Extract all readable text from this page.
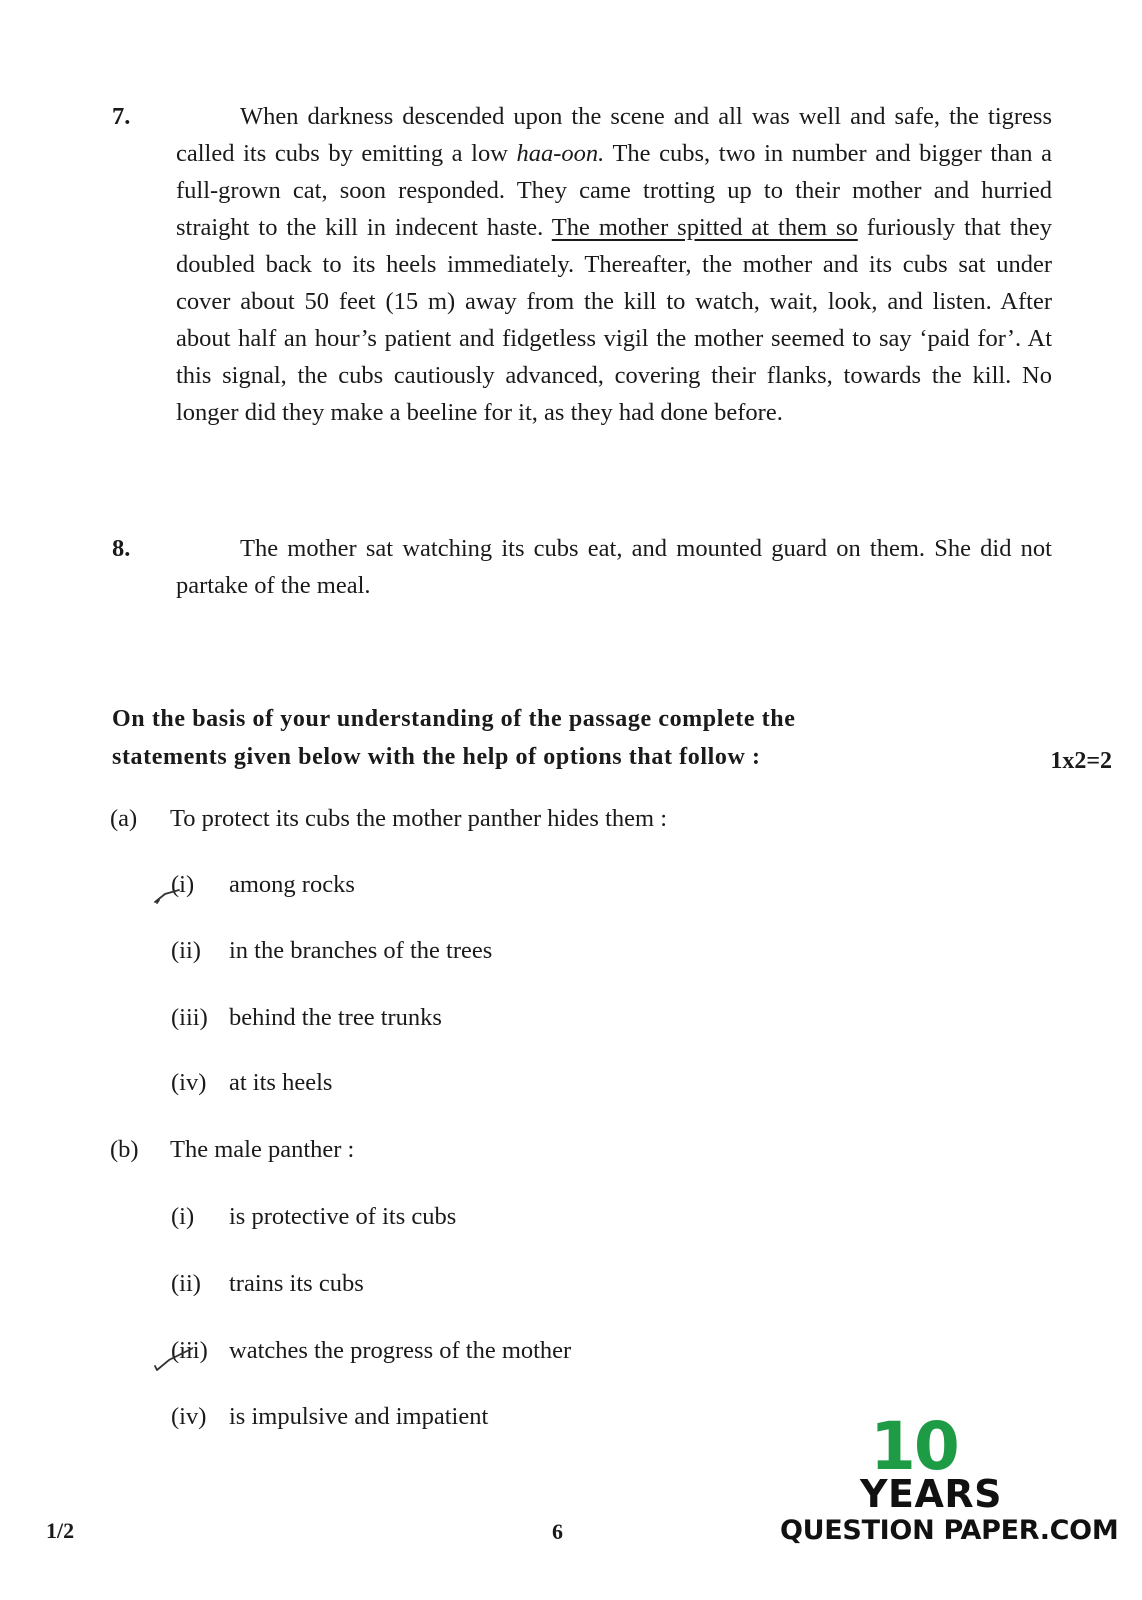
7.	When darkness descended upon the scene and all was well and safe, the tigress called its cubs by emitting a low haa-oon. The cubs, two in number and bigger than a full-grown cat, soon responded. They came trotting up to their mother and hurried straight to the kill in indecent haste. The mother spitted at them so furiously that they doubled back to its heels immediately. Thereafter, the mother and its cubs sat under cover about 50 feet (15 m) away from the kill to watch, wait, look, and listen. After about half an hour’s patient and fidgetless vigil the mother seemed to say ‘paid for’. At this signal, the cubs cautiously advanced, covering their flanks, towards the kill. No longer did they make a beeline for it, as they had done before.
8.	The mother sat watching its cubs eat, and mounted guard on them. She did not partake of the meal.
On the basis of your understanding of the passage complete the
statements given below with the help of options that follow :	1x2=2
(a) To protect its cubs the mother panther hides them :
(i) among rocks
(ii) in the branches of the trees
(iii) behind the tree trunks
(iv) at its heels
(b) The male panther :
(i) is protective of its cubs
(ii) trains its cubs
(iii) watches the progress of the mother
(iv) is impulsive and impatient
1/2	6
10
YEARS
QUESTION PAPER.COM
